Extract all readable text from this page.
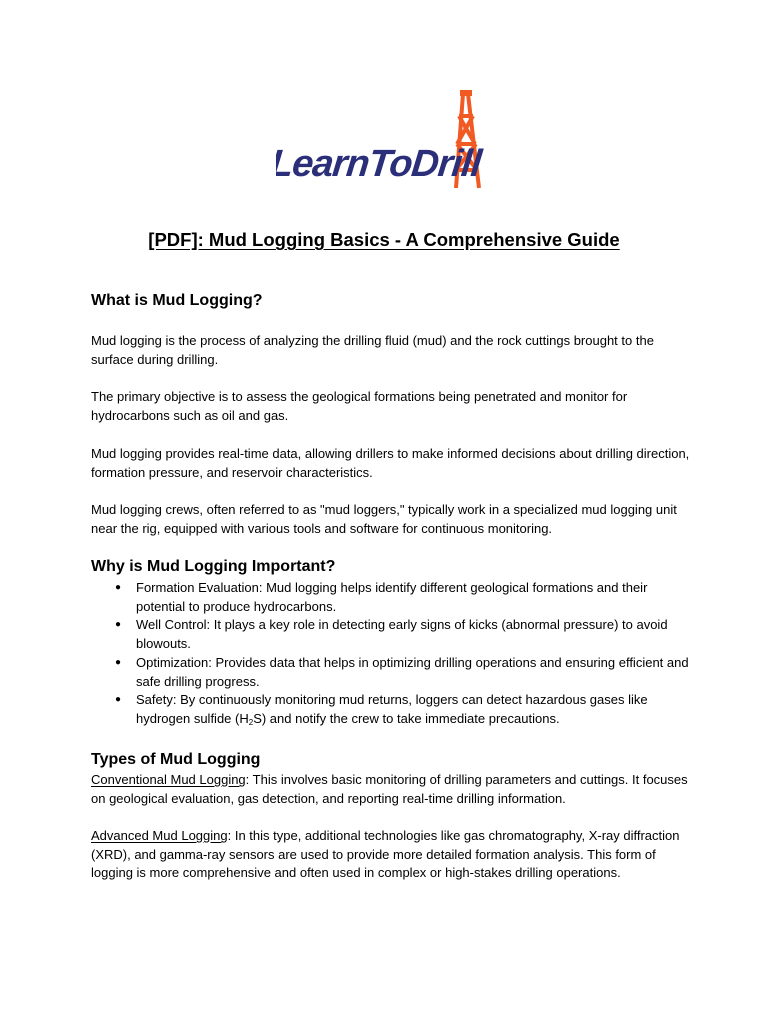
LearnToDrill
[PDF]: Mud Logging Basics - A Comprehensive Guide
What is Mud Logging?

Mud logging is the process of analyzing the drilling fluid (mud) and the rock cuttings brought to the surface during drilling.

The primary objective is to assess the geological formations being penetrated and monitor for hydrocarbons such as oil and gas.

Mud logging provides real-time data, allowing drillers to make informed decisions about drilling direction, formation pressure, and reservoir characteristics.

Mud logging crews, often referred to as "mud loggers," typically work in a specialized mud logging unit near the rig, equipped with various tools and software for continuous monitoring.

Why is Mud Logging Important?
● Formation Evaluation: Mud logging helps identify different geological formations and their potential to produce hydrocarbons.
● Well Control: It plays a key role in detecting early signs of kicks (abnormal pressure) to avoid blowouts.
● Optimization: Provides data that helps in optimizing drilling operations and ensuring efficient and safe drilling progress.
● Safety: By continuously monitoring mud returns, loggers can detect hazardous gases like hydrogen sulfide $(H_2S)$ and notify the crew to take immediate precautions.
Types of Mud Logging

Conventional Mud Logging: This involves basic monitoring of drilling parameters and cuttings. It focuses on geological evaluation, gas detection, and reporting real-time drilling information.

Advanced Mud Logging: In this type, additional technologies like gas chromatography, X-ray diffraction (XRD), and gamma-ray sensors are used to provide more detailed formation analysis. This form of logging is more comprehensive and often used in complex or high-stakes drilling operations.
